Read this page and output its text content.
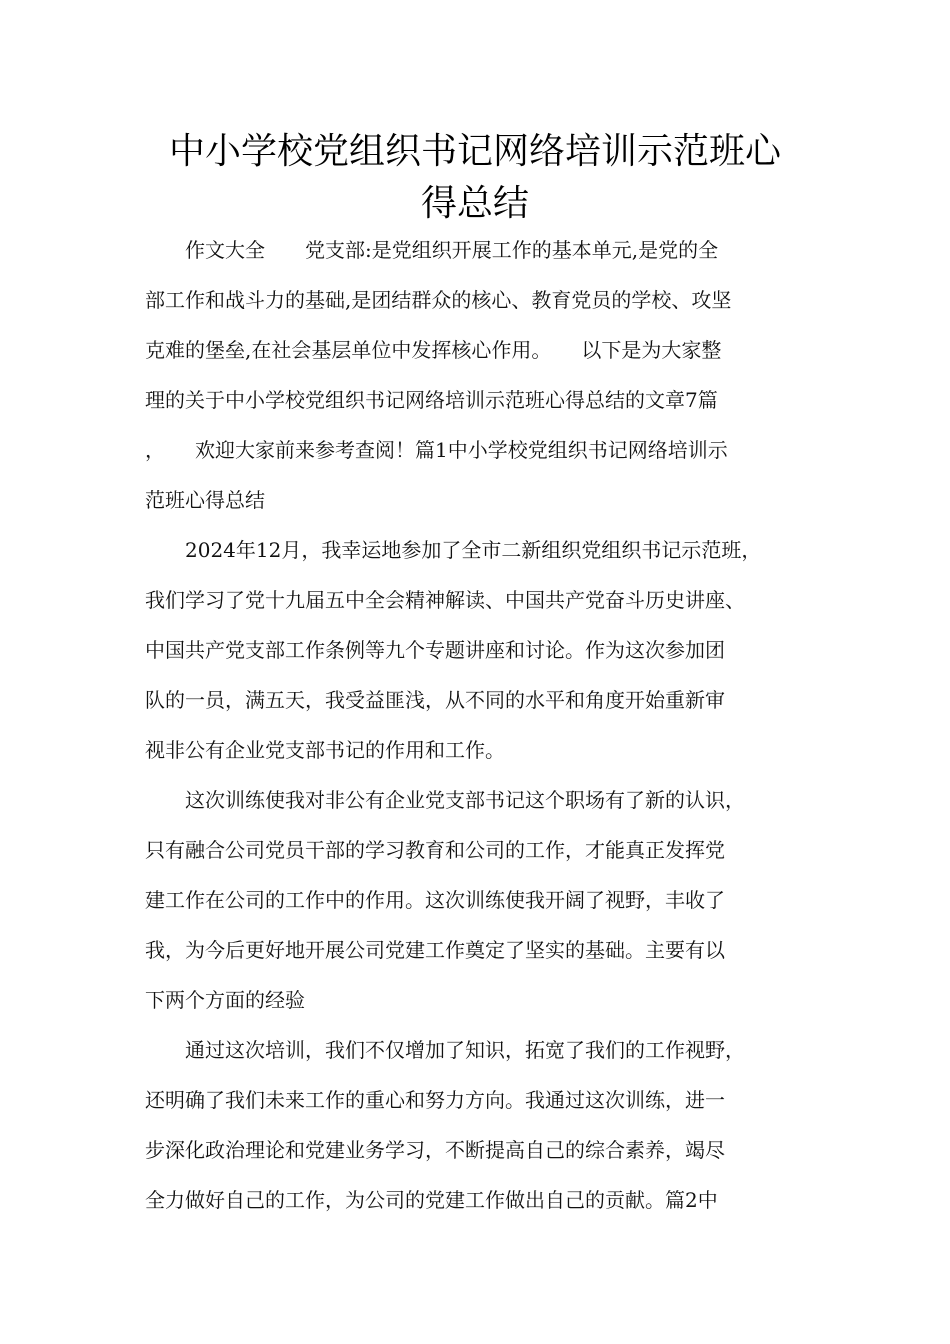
中小学校党组织书记网络培训示范班心
得总结
　　作文大全　　党支部:是党组织开展工作的基本单元,是党的全
部工作和战斗力的基础,是团结群众的核心、教育党员的学校、攻坚
克难的堡垒,在社会基层单位中发挥核心作用。　　以下是为大家整
理的关于中小学校党组织书记网络培训示范班心得总结的文章7篇
，　　欢迎大家前来参考查阅！篇1中小学校党组织书记网络培训示
范班心得总结
　　2024年12月，我幸运地参加了全市二新组织党组织书记示范班，
我们学习了党十九届五中全会精神解读、中国共产党奋斗历史讲座、
中国共产党支部工作条例等九个专题讲座和讨论。作为这次参加团
队的一员，满五天，我受益匪浅，从不同的水平和角度开始重新审
视非公有企业党支部书记的作用和工作。
　　这次训练使我对非公有企业党支部书记这个职场有了新的认识，
只有融合公司党员干部的学习教育和公司的工作，才能真正发挥党
建工作在公司的工作中的作用。这次训练使我开阔了视野，丰收了
我，为今后更好地开展公司党建工作奠定了坚实的基础。主要有以
下两个方面的经验
　　通过这次培训，我们不仅增加了知识，拓宽了我们的工作视野，
还明确了我们未来工作的重心和努力方向。我通过这次训练，进一
步深化政治理论和党建业务学习，不断提高自己的综合素养，竭尽
全力做好自己的工作，为公司的党建工作做出自己的贡献。篇2中
